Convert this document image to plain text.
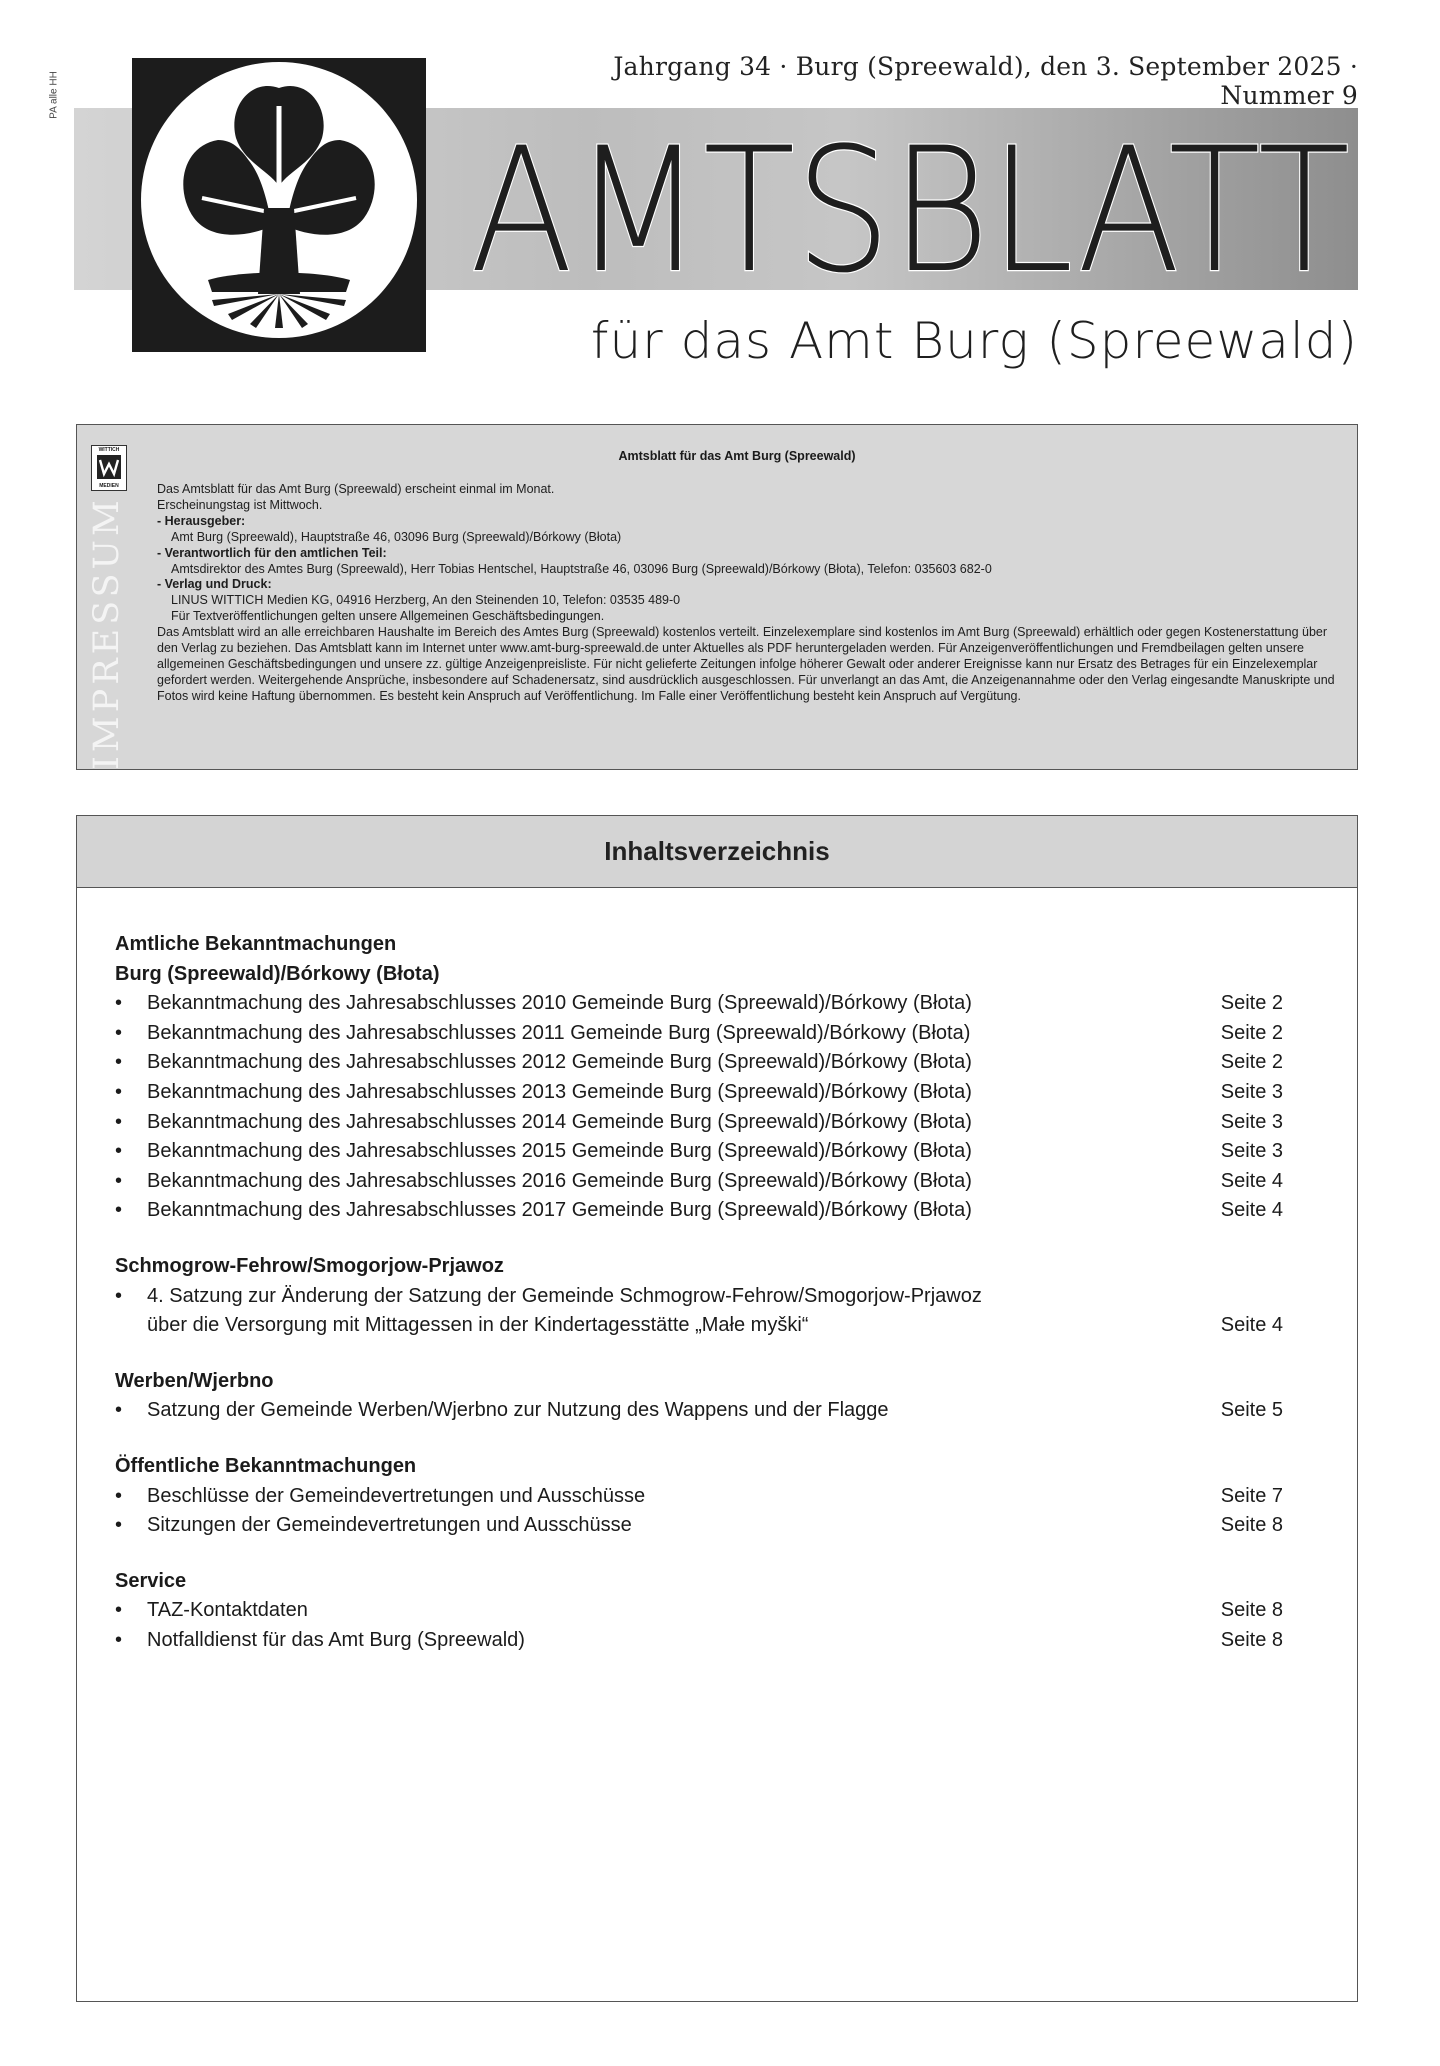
PA alle HH
Jahrgang 34 · Burg (Spreewald), den 3. September 2025 · Nummer 9
AMTSBLATT
für das Amt Burg (Spreewald)
WITTICH
MEDIEN
IMPRESSUM
Amtsblatt für das Amt Burg (Spreewald)

Das Amtsblatt für das Amt Burg (Spreewald) erscheint einmal im Monat.

Erscheinungstag ist Mittwoch.

- Herausgeber:

Amt Burg (Spreewald), Hauptstraße 46, 03096 Burg (Spreewald)/Bórkowy (Błota)

- Verantwortlich für den amtlichen Teil:

Amtsdirektor des Amtes Burg (Spreewald), Herr Tobias Hentschel, Hauptstraße 46, 03096 Burg (Spreewald)/Bórkowy (Błota), Telefon: 035603 682-0

- Verlag und Druck:

LINUS WITTICH Medien KG, 04916 Herzberg, An den Steinenden 10, Telefon: 03535 489-0

Für Textveröffentlichungen gelten unsere Allgemeinen Geschäftsbedingungen.

Das Amtsblatt wird an alle erreichbaren Haushalte im Bereich des Amtes Burg (Spreewald) kostenlos verteilt. Einzelexemplare sind kostenlos im Amt Burg (Spreewald) erhältlich oder gegen Kostenerstattung über den Verlag zu beziehen. Das Amtsblatt kann im Internet unter www.amt-burg-spreewald.de unter Aktuelles als PDF heruntergeladen werden. Für Anzeigenveröffentlichungen und Fremdbeilagen gelten unsere allgemeinen Geschäftsbedingungen und unsere zz. gültige Anzeigenpreisliste. Für nicht gelieferte Zeitungen infolge höherer Gewalt oder anderer Ereignisse kann nur Ersatz des Betrages für ein Einzelexemplar gefordert werden. Weitergehende Ansprüche, insbesondere auf Schadenersatz, sind ausdrücklich ausgeschlossen. Für unverlangt an das Amt, die Anzeigenannahme oder den Verlag eingesandte Manuskripte und Fotos wird keine Haftung übernommen. Es besteht kein Anspruch auf Veröffentlichung. Im Falle einer Veröffentlichung besteht kein Anspruch auf Vergütung.

Inhaltsverzeichnis
Amtliche Bekanntmachungen
Burg (Spreewald)/Bórkowy (Błota)
• Bekanntmachung des Jahresabschlusses 2010 Gemeinde Burg (Spreewald)/Bórkowy (Błota)	Seite 2
• Bekanntmachung des Jahresabschlusses 2011 Gemeinde Burg (Spreewald)/Bórkowy (Błota)	Seite 2
• Bekanntmachung des Jahresabschlusses 2012 Gemeinde Burg (Spreewald)/Bórkowy (Błota)	Seite 2
• Bekanntmachung des Jahresabschlusses 2013 Gemeinde Burg (Spreewald)/Bórkowy (Błota)	Seite 3
• Bekanntmachung des Jahresabschlusses 2014 Gemeinde Burg (Spreewald)/Bórkowy (Błota)	Seite 3
• Bekanntmachung des Jahresabschlusses 2015 Gemeinde Burg (Spreewald)/Bórkowy (Błota)	Seite 3
• Bekanntmachung des Jahresabschlusses 2016 Gemeinde Burg (Spreewald)/Bórkowy (Błota)	Seite 4
• Bekanntmachung des Jahresabschlusses 2017 Gemeinde Burg (Spreewald)/Bórkowy (Błota)	Seite 4
Schmogrow-Fehrow/Smogorjow-Prjawoz
• 4. Satzung zur Änderung der Satzung der Gemeinde Schmogrow-Fehrow/Smogorjow-Prjawoz
über die Versorgung mit Mittagessen in der Kindertagesstätte „Małe myški“	Seite 4
Werben/Wjerbno
• Satzung der Gemeinde Werben/Wjerbno zur Nutzung des Wappens und der Flagge	Seite 5
Öffentliche Bekanntmachungen
• Beschlüsse der Gemeindevertretungen und Ausschüsse	Seite 7
• Sitzungen der Gemeindevertretungen und Ausschüsse	Seite 8
Service
• TAZ-Kontaktdaten	Seite 8
• Notfalldienst für das Amt Burg (Spreewald)	Seite 8
